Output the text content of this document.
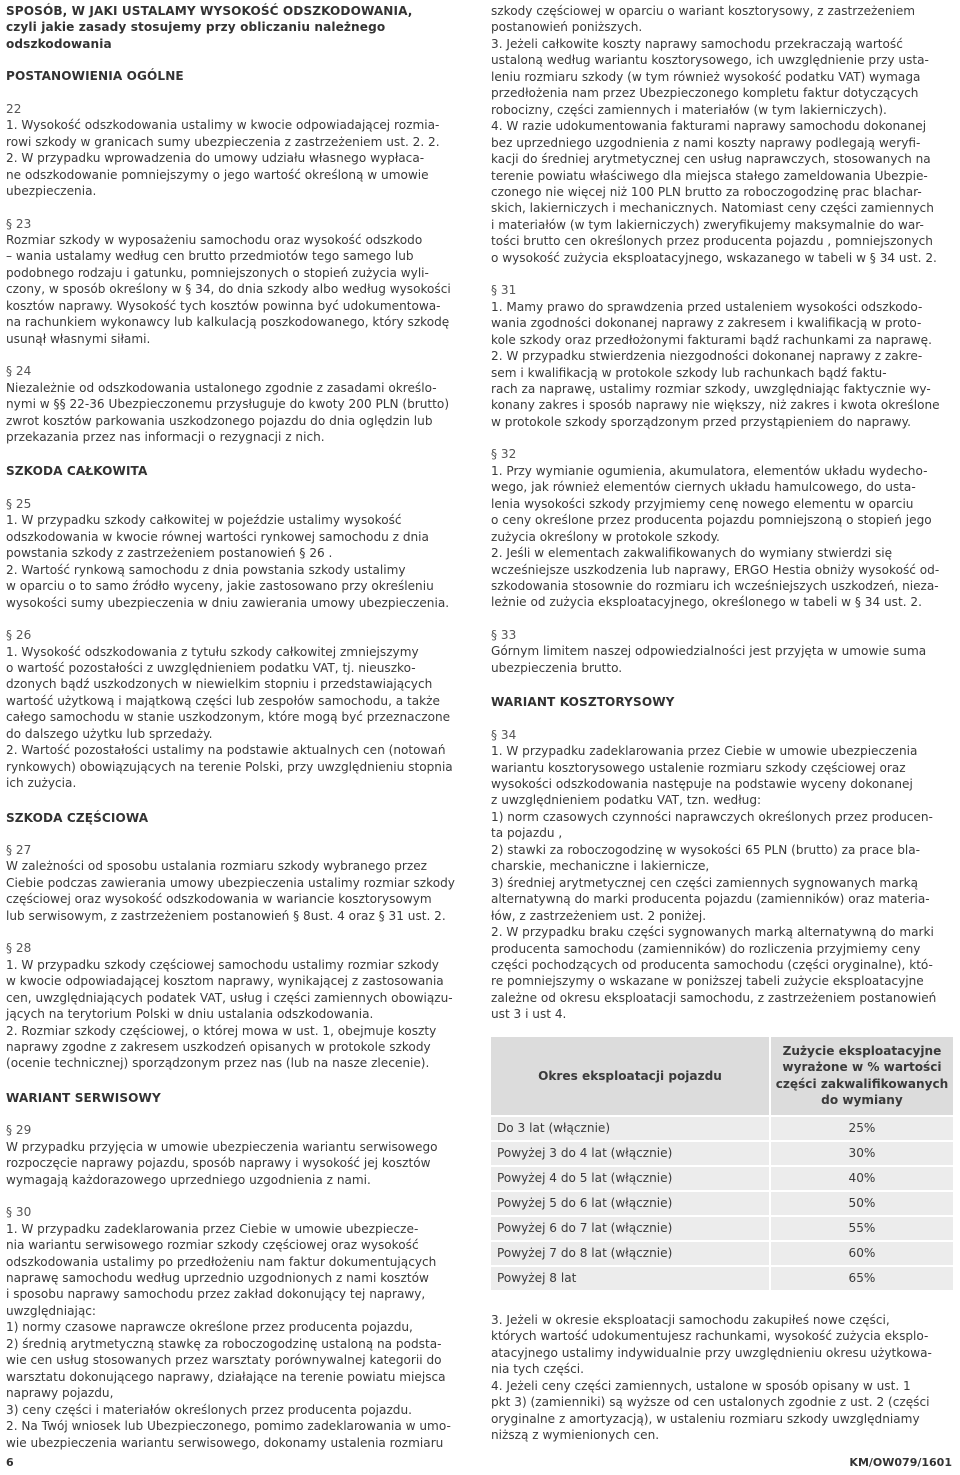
SPOSÓB, W JAKI USTALAMY WYSOKOŚĆ ODSZKODOWANIA,

czyli jakie zasady stosujemy przy obliczaniu należnego odszkodowania

POSTANOWIENIA OGÓLNE

22

1. Wysokość odszkodowania ustalimy w kwocie odpowiadającej rozmia-
rowi szkody w granicach sumy ubezpieczenia z zastrzeżeniem ust. 2. 2.
2. W przypadku wprowadzenia do umowy udziału własnego wypłaca-
ne odszkodowanie pomniejszymy o jego wartość określoną w umowie
ubezpieczenia.

§ 23

Rozmiar szkody w wyposażeniu samochodu oraz wysokość odszkodo
– wania ustalamy według cen brutto przedmiotów tego samego lub
podobnego rodzaju i gatunku, pomniejszonych o stopień zużycia wyli-
czony, w sposób określony w § 34, do dnia szkody albo według wysokości
kosztów naprawy. Wysokość tych kosztów powinna być udokumentowa-
na rachunkiem wykonawcy lub kalkulacją poszkodowanego, który szkodę
usunął własnymi siłami.

§ 24

Niezależnie od odszkodowania ustalonego zgodnie z zasadami określo-
nymi w §§ 22-36 Ubezpieczonemu przysługuje do kwoty 200 PLN (brutto)
zwrot kosztów parkowania uszkodzonego pojazdu do dnia oględzin lub
przekazania przez nas informacji o rezygnacji z nich.

SZKODA CAŁKOWITA

§ 25

1. W przypadku szkody całkowitej w pojeździe ustalimy wysokość
odszkodowania w kwocie równej wartości rynkowej samochodu z dnia
powstania szkody z zastrzeżeniem postanowień § 26 .
2. Wartość rynkową samochodu z dnia powstania szkody ustalimy
w oparciu o to samo źródło wyceny, jakie zastosowano przy określeniu
wysokości sumy ubezpieczenia w dniu zawierania umowy ubezpieczenia.

§ 26

1. Wysokość odszkodowania z tytułu szkody całkowitej zmniejszymy
o wartość pozostałości z uwzględnieniem podatku VAT, tj. nieuszko-
dzonych bądź uszkodzonych w niewielkim stopniu i przedstawiających
wartość użytkową i majątkową części lub zespołów samochodu, a także
całego samochodu w stanie uszkodzonym, które mogą być przeznaczone
do dalszego użytku lub sprzedaży.
2. Wartość pozostałości ustalimy na podstawie aktualnych cen (notowań
rynkowych) obowiązujących na terenie Polski, przy uwzględnieniu stopnia
ich zużycia.

SZKODA CZĘŚCIOWA

§ 27

W zależności od sposobu ustalania rozmiaru szkody wybranego przez
Ciebie podczas zawierania umowy ubezpieczenia ustalimy rozmiar szkody
częściowej oraz wysokość odszkodowania w wariancie kosztorysowym
lub serwisowym, z zastrzeżeniem postanowień § 8ust. 4 oraz § 31 ust. 2.

§ 28

1. W przypadku szkody częściowej samochodu ustalimy rozmiar szkody
w kwocie odpowiadającej kosztom naprawy, wynikającej z zastosowania
cen, uwzględniających podatek VAT, usług i części zamiennych obowiązu-
jących na terytorium Polski w dniu ustalania odszkodowania.
2. Rozmiar szkody częściowej, o której mowa w ust. 1, obejmuje koszty
naprawy zgodne z zakresem uszkodzeń opisanych w protokole szkody
(ocenie technicznej) sporządzonym przez nas (lub na nasze zlecenie).

WARIANT SERWISOWY

§ 29

W przypadku przyjęcia w umowie ubezpieczenia wariantu serwisowego
rozpoczęcie naprawy pojazdu, sposób naprawy i wysokość jej kosztów
wymagają każdorazowego uprzedniego uzgodnienia z nami.

§ 30

1. W przypadku zadeklarowania przez Ciebie w umowie ubezpiecze-
nia wariantu serwisowego rozmiar szkody częściowej oraz wysokość
odszkodowania ustalimy po przedłożeniu nam faktur dokumentujących
naprawę samochodu według uprzednio uzgodnionych z nami kosztów
i sposobu naprawy samochodu przez zakład dokonujący tej naprawy,
uwzględniając:
1) normy czasowe naprawcze określone przez producenta pojazdu,
2) średnią arytmetyczną stawkę za roboczogodzinę ustaloną na podsta-
wie cen usług stosowanych przez warsztaty porównywalnej kategorii do
warsztatu dokonującego naprawy, działające na terenie powiatu miejsca
naprawy pojazdu,
3) ceny części i materiałów określonych przez producenta pojazdu.
2. Na Twój wniosek lub Ubezpieczonego, pomimo zadeklarowania w umo-
wie ubezpieczenia wariantu serwisowego, dokonamy ustalenia rozmiaru

szkody częściowej w oparciu o wariant kosztorysowy, z zastrzeżeniem
postanowień poniższych.
3. Jeżeli całkowite koszty naprawy samochodu przekraczają wartość
ustaloną według wariantu kosztorysowego, ich uwzględnienie przy usta-
leniu rozmiaru szkody (w tym również wysokość podatku VAT) wymaga
przedłożenia nam przez Ubezpieczonego kompletu faktur dotyczących
robocizny, części zamiennych i materiałów (w tym lakierniczych).
4. W razie udokumentowania fakturami naprawy samochodu dokonanej
bez uprzedniego uzgodnienia z nami koszty naprawy podlegają weryfi-
kacji do średniej arytmetycznej cen usług naprawczych, stosowanych na
terenie powiatu właściwego dla miejsca stałego zameldowania Ubezpie-
czonego nie więcej niż 100 PLN brutto za roboczogodzinę prac blachar-
skich, lakierniczych i mechanicznych. Natomiast ceny części zamiennych
i materiałów (w tym lakierniczych) zweryfikujemy maksymalnie do war-
tości brutto cen określonych przez producenta pojazdu , pomniejszonych
o wysokość zużycia eksploatacyjnego, wskazanego w tabeli w § 34 ust. 2.

§ 31

1. Mamy prawo do sprawdzenia przed ustaleniem wysokości odszkodo-
wania zgodności dokonanej naprawy z zakresem i kwalifikacją w proto-
kole szkody oraz przedłożonymi fakturami bądź rachunkami za naprawę.
2. W przypadku stwierdzenia niezgodności dokonanej naprawy z zakre-
sem i kwalifikacją w protokole szkody lub rachunkach bądź faktu-
rach za naprawę, ustalimy rozmiar szkody, uwzględniając faktycznie wy-
konany zakres i sposób naprawy nie większy, niż zakres i kwota określone
w protokole szkody sporządzonym przed przystąpieniem do naprawy.

§ 32

1. Przy wymianie ogumienia, akumulatora, elementów układu wydecho-
wego, jak również elementów ciernych układu hamulcowego, do usta-
lenia wysokości szkody przyjmiemy cenę nowego elementu w oparciu
o ceny określone przez producenta pojazdu pomniejszoną o stopień jego
zużycia określony w protokole szkody.
2. Jeśli w elementach zakwalifikowanych do wymiany stwierdzi się
wcześniejsze uszkodzenia lub naprawy, ERGO Hestia obniży wysokość od-
szkodowania stosownie do rozmiaru ich wcześniejszych uszkodzeń, nieza-
leżnie od zużycia eksploatacyjnego, określonego w tabeli w § 34 ust. 2.

§ 33

Górnym limitem naszej odpowiedzialności jest przyjęta w umowie suma
ubezpieczenia brutto.

WARIANT KOSZTORYSOWY

§ 34

1. W przypadku zadeklarowania przez Ciebie w umowie ubezpieczenia
wariantu kosztorysowego ustalenie rozmiaru szkody częściowej oraz
wysokości odszkodowania następuje na podstawie wyceny dokonanej
z uwzględnieniem podatku VAT, tzn. według:
1) norm czasowych czynności naprawczych określonych przez producen-
ta pojazdu ,
2) stawki za roboczogodzinę w wysokości 65 PLN (brutto) za prace bla-
charskie, mechaniczne i lakiernicze,
3) średniej arytmetycznej cen części zamiennych sygnowanych marką
alternatywną do marki producenta pojazdu (zamienników) oraz materia-
łów, z zastrzeżeniem ust. 2 poniżej.
2. W przypadku braku części sygnowanych marką alternatywną do marki
producenta samochodu (zamienników) do rozliczenia przyjmiemy ceny
części pochodzących od producenta samochodu (części oryginalne), któ-
re pomniejszymy o wskazane w poniższej tabeli zużycie eksploatacyjne
zależne od okresu eksploatacji samochodu, z zastrzeżeniem postanowień
ust 3 i ust 4.

Okres eksploatacji pojazdu	Zużycie eksploatacyjne wyrażone w % wartości części zakwalifikowanych do wymiany
Do 3 lat (włącznie)	25%
Powyżej 3 do 4 lat (włącznie)	30%
Powyżej 4 do 5 lat (włącznie)	40%
Powyżej 5 do 6 lat (włącznie)	50%
Powyżej 6 do 7 lat (włącznie)	55%
Powyżej 7 do 8 lat (włącznie)	60%
Powyżej 8 lat	65%

3. Jeżeli w okresie eksploatacji samochodu zakupiłeś nowe części,
których wartość udokumentujesz rachunkami, wysokość zużycia eksplo-
atacyjnego ustalimy indywidualnie przy uwzględnieniu okresu użytkowa-
nia tych części.
4. Jeżeli ceny części zamiennych, ustalone w sposób opisany w ust. 1
pkt 3) (zamienniki) są wyższe od cen ustalonych zgodnie z ust. 2 (części
oryginalne z amortyzacją), w ustaleniu rozmiaru szkody uwzględniamy
niższą z wymienionych cen.

6	KM/OW079/1601
